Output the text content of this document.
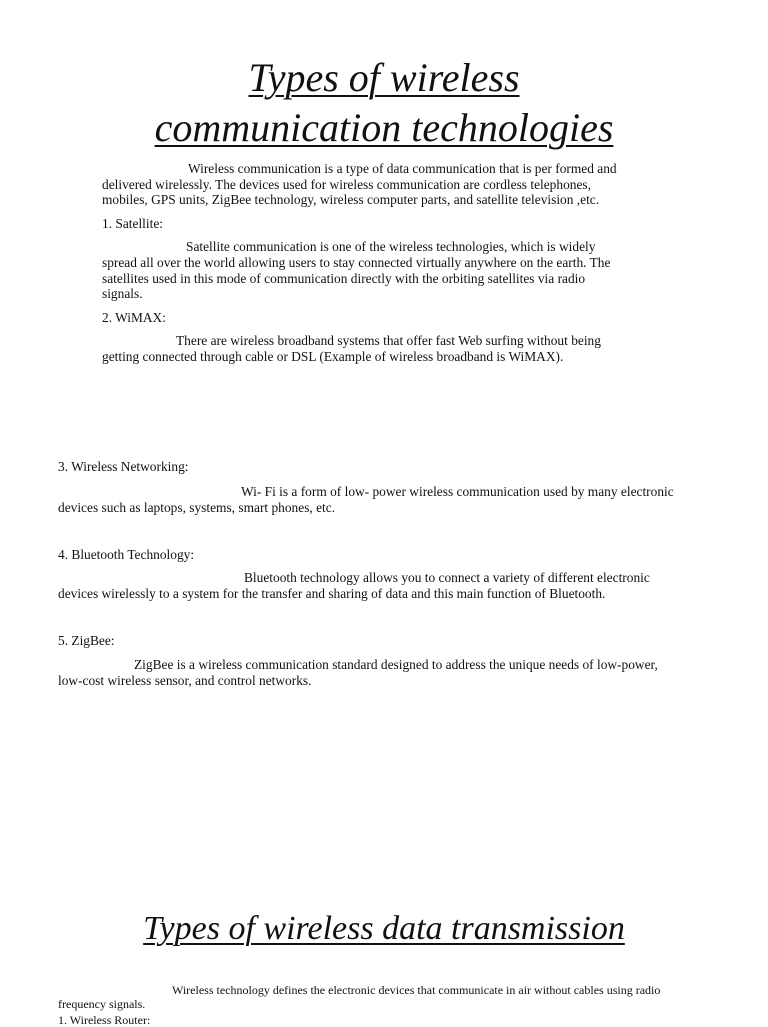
Types of wireless
communication technologies

Wireless communication is a type of data communication that is per formed and

delivered wirelessly. The devices used for wireless communication are cordless telephones,

mobiles, GPS units, ZigBee technology, wireless computer parts, and satellite television ,etc.

1. Satellite:

Satellite communication is one of the wireless technologies, which is widely

spread all over the world allowing users to stay connected virtually anywhere on the earth. The

satellites used in this mode of communication directly with the orbiting satellites via radio

signals.

2. WiMAX:

There are wireless broadband systems that offer fast Web surfing without being

getting connected through cable or DSL (Example of wireless broadband is WiMAX).

3. Wireless Networking:

Wi- Fi is a form of low- power wireless communication used by many electronic

devices such as laptops, systems, smart phones, etc.

4. Bluetooth Technology:

Bluetooth technology allows you to connect a variety of different electronic

devices wirelessly to a system for the transfer and sharing of data and this main function of Bluetooth.

5. ZigBee:

ZigBee is a wireless communication standard designed to address the unique needs of low-power,

low-cost wireless sensor, and control networks.

Types of wireless data transmission

Wireless technology defines the electronic devices that communicate in air without cables using radio

frequency signals.

1. Wireless Router:
